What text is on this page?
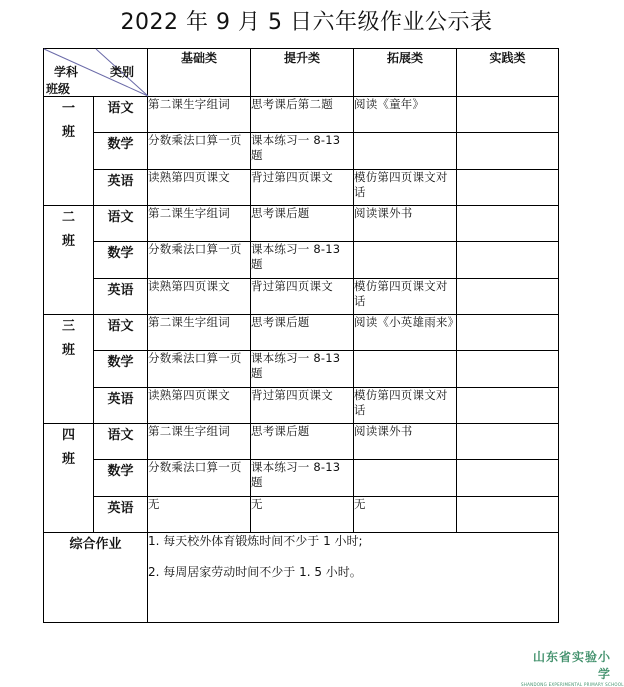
2022 年 9 月 5 日六年级作业公示表
学科 类别
班级		基础类	提升类	拓展类	实践类
一班	语文	第二课生字组词	思考课后第二题	阅读《童年》	
	数学	分数乘法口算一页	课本练习一 8-13 题		
	英语	读熟第四页课文	背过第四页课文	模仿第四页课文对话	
二班	语文	第二课生字组词	思考课后题	阅读课外书	
	数学	分数乘法口算一页	课本练习一 8-13 题		
	英语	读熟第四页课文	背过第四页课文	模仿第四页课文对话	
三班	语文	第二课生字组词	思考课后题	阅读《小英雄雨来》	
	数学	分数乘法口算一页	课本练习一 8-13 题		
	英语	读熟第四页课文	背过第四页课文	模仿第四页课文对话	
四班	语文	第二课生字组词	思考课后题	阅读课外书	
	数学	分数乘法口算一页	课本练习一 8-13 题		
	英语	无	无	无	
综合作业		1. 每天校外体育锻炼时间不少于 1 小时;

2. 每周居家劳动时间不少于 1. 5 小时。			

山东省实验小学
SHANDONG EXPERIMENTAL PRIMARY SCHOOL
